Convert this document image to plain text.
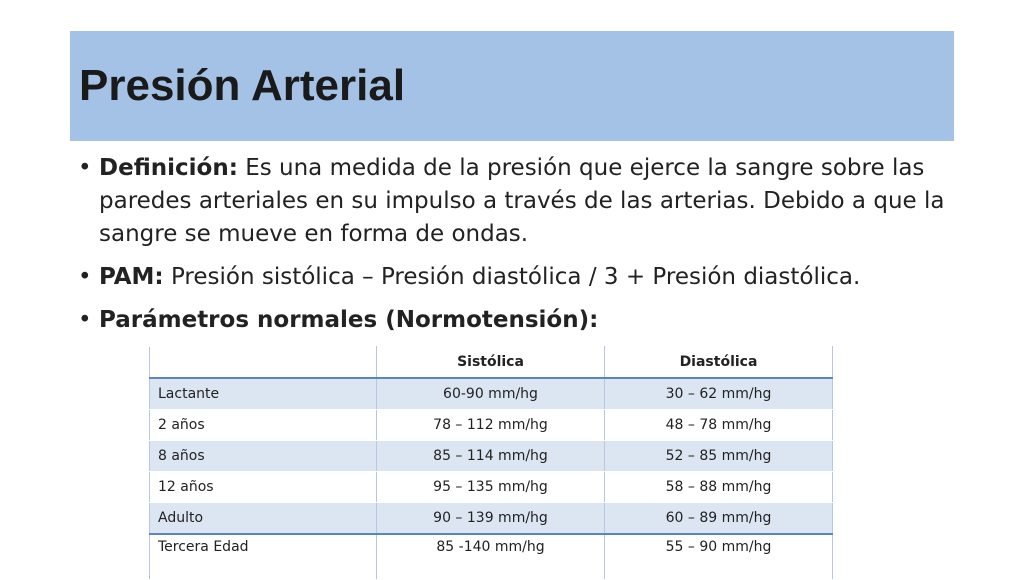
Presión Arterial
• Definición: Es una medida de la presión que ejerce la sangre sobre las paredes arteriales en su impulso a través de las arterias. Debido a que la sangre se mueve en forma de ondas.
• PAM: Presión sistólica – Presión diastólica / 3 + Presión diastólica.
• Parámetros normales (Normotensión):
	Sistólica	Diastólica
Lactante	60-90 mm/hg	30 – 62 mm/hg
2 años	78 – 112 mm/hg	48 – 78 mm/hg
8 años	85 – 114 mm/hg	52 – 85 mm/hg
12 años	95 – 135 mm/hg	58 – 88 mm/hg
Adulto	90 – 139 mm/hg	60 – 89 mm/hg
Tercera Edad	85 -140 mm/hg	55 – 90 mm/hg
